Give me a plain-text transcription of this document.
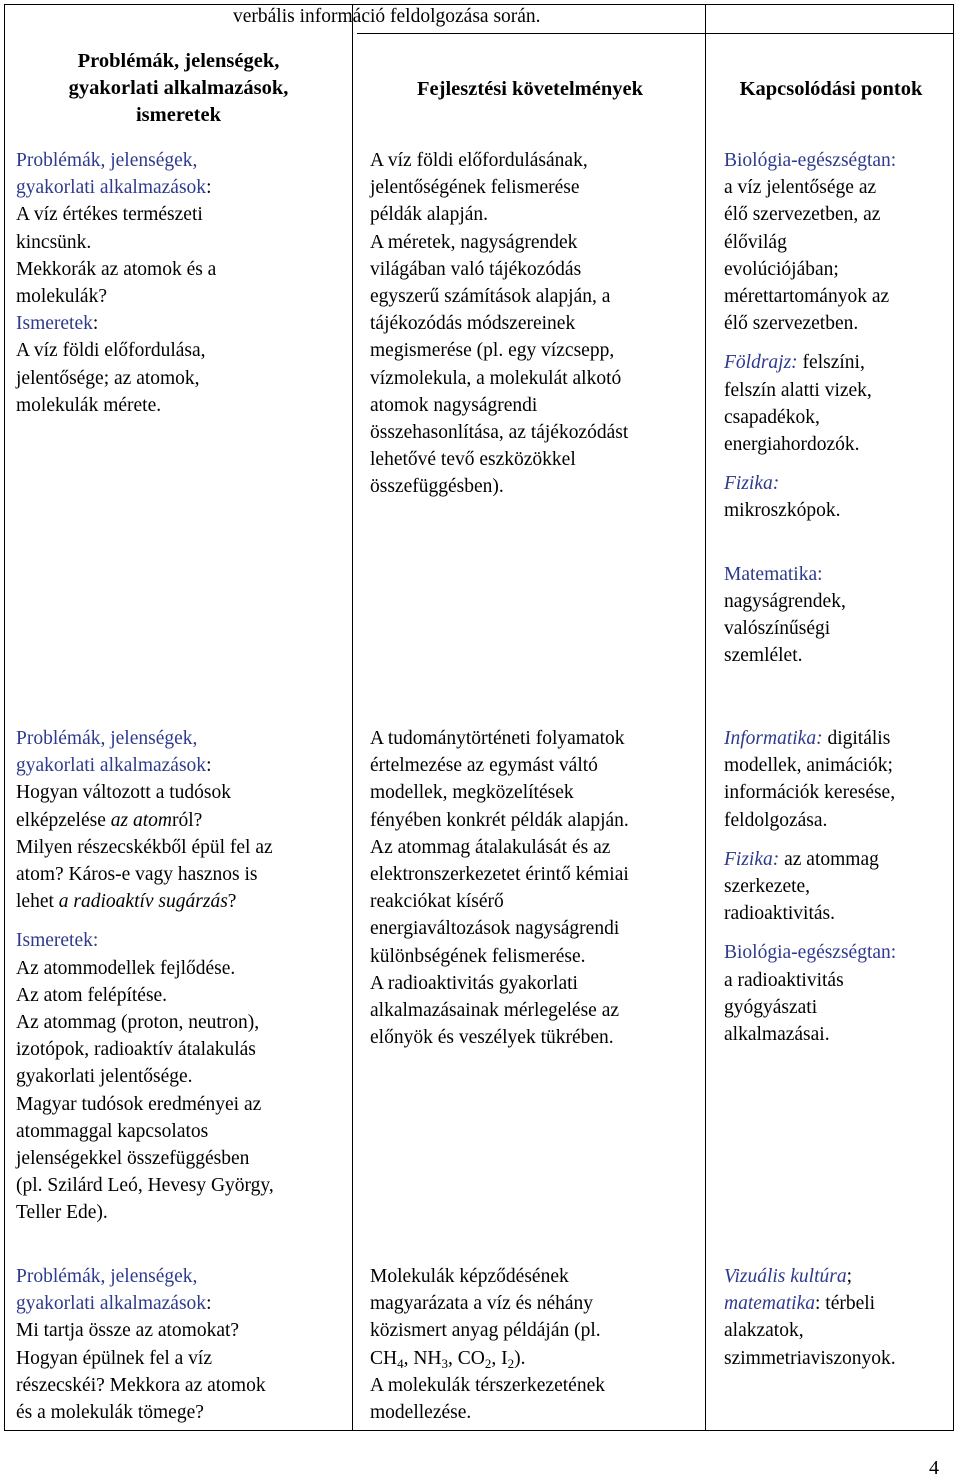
verbális információ feldolgozása során.
Problémák, jelenségek,
gyakorlati alkalmazások,
ismeretek
Fejlesztési követelmények	Kapcsolódási pontok
Problémák, jelenségek,
gyakorlati alkalmazások:
A víz értékes természeti
kincsünk.
Mekkorák az atomok és a
molekulák?
Ismeretek:
A víz földi előfordulása,
jelentősége; az atomok,
molekulák mérete.
A víz földi előfordulásának,
jelentőségének felismerése
példák alapján.
A méretek, nagyságrendek
világában való tájékozódás
egyszerű számítások alapján, a
tájékozódás módszereinek
megismerése (pl. egy vízcsepp,
vízmolekula, a molekulát alkotó
atomok nagyságrendi
összehasonlítása, az tájékozódást
lehetővé tevő eszközökkel
összefüggésben).
Biológia-egészségtan:
a víz jelentősége az
élő szervezetben, az
élővilág
evolúciójában;
mérettartományok az
élő szervezetben.
Földrajz: felszíni,
felszín alatti vizek,
csapadékok,
energiahordozók.
Fizika:
mikroszkópok.
Matematika:
nagyságrendek,
valószínűségi
szemlélet.
Problémák, jelenségek,
gyakorlati alkalmazások:
Hogyan változott a tudósok
elképzelése az atomról?
Milyen részecskékből épül fel az
atom? Káros-e vagy hasznos is
lehet a radioaktív sugárzás?
Ismeretek:
Az atommodellek fejlődése.
Az atom felépítése.
Az atommag (proton, neutron),
izotópok, radioaktív átalakulás
gyakorlati jelentősége.
Magyar tudósok eredményei az
atommaggal kapcsolatos
jelenségekkel összefüggésben
(pl. Szilárd Leó, Hevesy György,
Teller Ede).
A tudománytörténeti folyamatok
értelmezése az egymást váltó
modellek, megközelítések
fényében konkrét példák alapján.
Az atommag átalakulását és az
elektronszerkezetet érintő kémiai
reakciókat kísérő
energiaváltozások nagyságrendi
különbségének felismerése.
A radioaktivitás gyakorlati
alkalmazásainak mérlegelése az
előnyök és veszélyek tükrében.
Informatika: digitális
modellek, animációk;
információk keresése,
feldolgozása.
Fizika: az atommag
szerkezete,
radioaktivitás.
Biológia-egészségtan:
a radioaktivitás
gyógyászati
alkalmazásai.
Problémák, jelenségek,
gyakorlati alkalmazások:
Mi tartja össze az atomokat?
Hogyan épülnek fel a víz
részecskéi? Mekkora az atomok
és a molekulák tömege?
Molekulák képződésének
magyarázata a víz és néhány
közismert anyag példáján (pl.
$CH_4$, $NH_3$, $CO_2$, $I_2$).
A molekulák térszerkezetének
modellezése.
Vizuális kultúra;
matematika: térbeli
alakzatok,
szimmetriaviszonyok.
4
